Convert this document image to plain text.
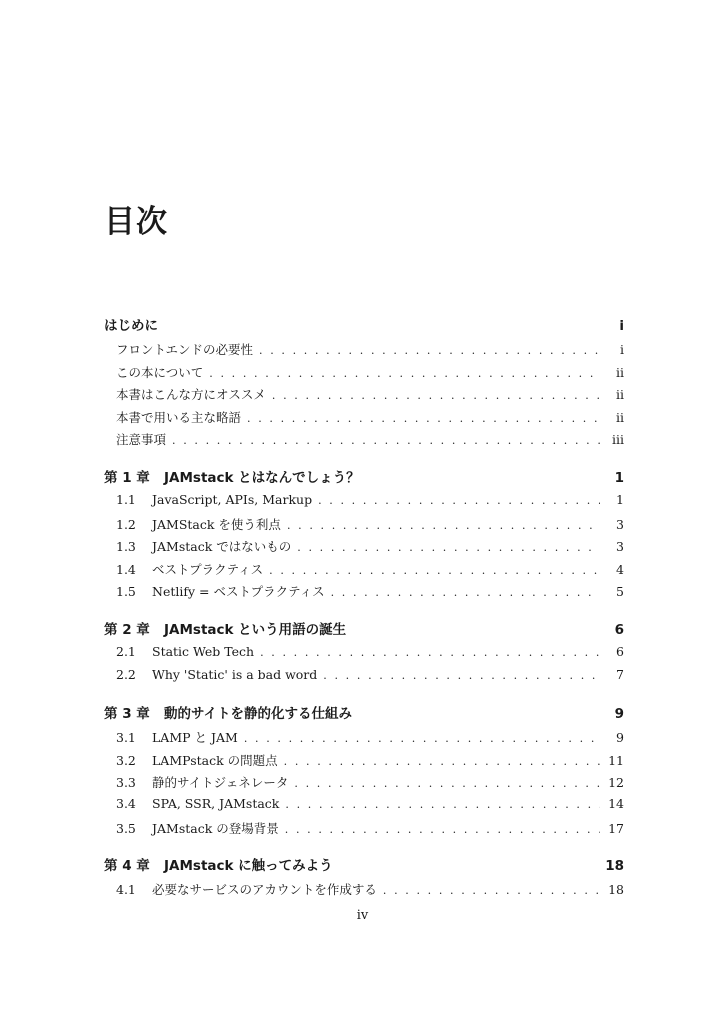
目次
はじめに	i
フロントエンドの必要性 . . .	i
この本について . . .	ii
本書はこんな方にオススメ . . .	ii
本書で用いる主な略語 . . .	ii
注意事項 . . .	iii
第 1 章	JAMstack とはなんでしょう？	1
1.1	JavaScript, APIs, Markup . . .	1
1.2	JAMStack を使う利点 . . .	3
1.3	JAMstack ではないもの . . .	3
1.4	ベストプラクティス . . .	4
1.5	Netlify = ベストプラクティス . . .	5
第 2 章	JAMstack という用語の誕生	6
2.1	Static Web Tech . . .	6
2.2	Why 'Static' is a bad word . . .	7
第 3 章	動的サイトを静的化する仕組み	9
3.1	LAMP と JAM . . .	9
3.2	LAMPstack の問題点 . . .	11
3.3	静的サイトジェネレータ . . .	12
3.4	SPA, SSR, JAMstack . . .	14
3.5	JAMstack の登場背景 . . .	17
第 4 章	JAMstack に触ってみよう	18
4.1	必要なサービスのアカウントを作成する . . .	18
iv
